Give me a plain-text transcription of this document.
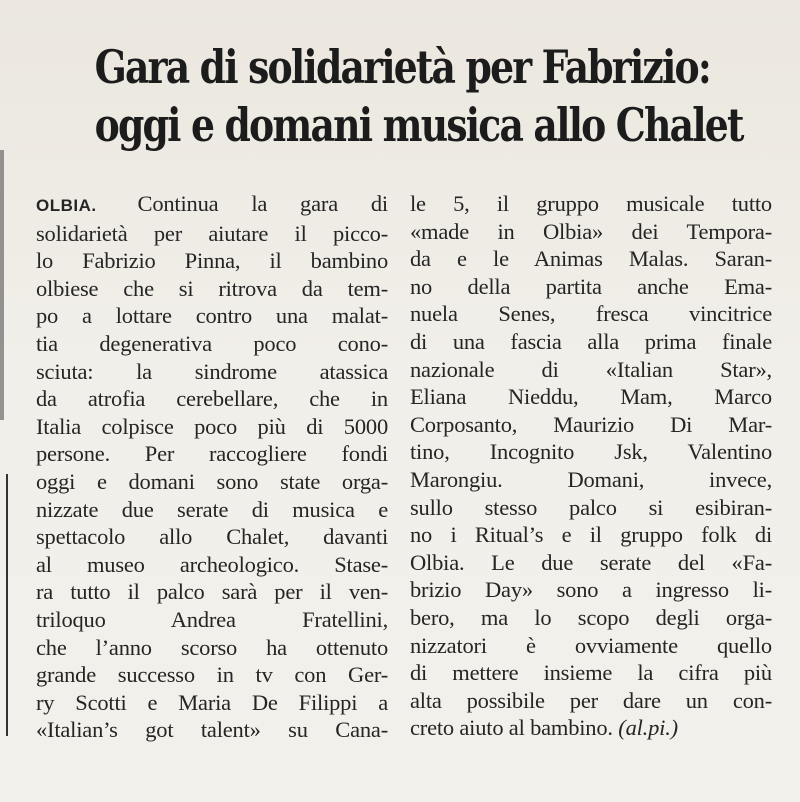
Gara di solidarietà per Fabrizio:
oggi e domani musica allo Chalet
OLBIA. Continua la gara di
solidarietà per aiutare il picco-
lo Fabrizio Pinna, il bambino
olbiese che si ritrova da tem-
po a lottare contro una malat-
tia degenerativa poco cono-
sciuta: la sindrome atassica
da atrofia cerebellare, che in
Italia colpisce poco più di 5000
persone. Per raccogliere fondi
oggi e domani sono state orga-
nizzate due serate di musica e
spettacolo allo Chalet, davanti
al museo archeologico. Stase-
ra tutto il palco sarà per il ven-
triloquo Andrea Fratellini,
che l’anno scorso ha ottenuto
grande successo in tv con Ger-
ry Scotti e Maria De Filippi a
«Italian’s got talent» su Cana-
le 5, il gruppo musicale tutto
«made in Olbia» dei Tempora-
da e le Animas Malas. Saran-
no della partita anche Ema-
nuela Senes, fresca vincitrice
di una fascia alla prima finale
nazionale di «Italian Star»,
Eliana Nieddu, Mam, Marco
Corposanto, Maurizio Di Mar-
tino, Incognito Jsk, Valentino
Marongiu. Domani, invece,
sullo stesso palco si esibiran-
no i Ritual’s e il gruppo folk di
Olbia. Le due serate del «Fa-
brizio Day» sono a ingresso li-
bero, ma lo scopo degli orga-
nizzatori è ovviamente quello
di mettere insieme la cifra più
alta possibile per dare un con-
creto aiuto al bambino. (al.pi.)
